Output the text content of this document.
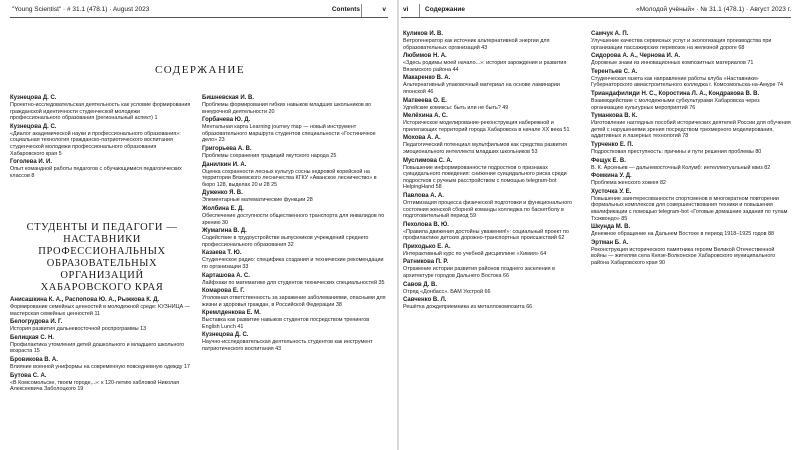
"Young Scientist" · # 31.1 (478.1) · August 2023	Contents	v
СОДЕРЖАНИЕ
Кузнецова Д. С.
Проектно-исследовательская деятельность как условие формирования гражданской идентичности студенческой молодежи профессионального образования (региональный аспект) 1
Кузнецова Д. С.
«Диалог академической науки и профессионального образования»: социальная технология гражданско-патриотического воспитания студенческой молодежи профессионального образования Хабаровского края 5
Гоголева И. И.
Опыт командной работы педагогов с обучающимися педагогических классов 8
СТУДЕНТЫ И ПЕДАГОГИ — НАСТАВНИКИ ПРОФЕССИОНАЛЬНЫХ ОБРАЗОВАТЕЛЬНЫХ ОРГАНИЗАЦИЙ ХАБАРОВСКОГО КРАЯ
Анисашкина К. А., Распопова Ю. А., Рыжкова К. Д.
Формирование семейных ценностей в молодежной среде: КУЗНИЦА — мастерская семейных ценностей 11
Белогрудова И. Г.
История развития дальневосточной роспрограммы 13
Белицкая С. Н.
Профилактика утомления детей дошкольного и младшего школьного возраста 15
Бровикова В. А.
Влияние военной униформы на современную повседневную одежду 17
Бутова С. А.
«В Комсомольске, твоем городе,..»: к 120-летию хабловой Николая Алексеевича Заболоцкого 19
Бишневская И. В.
Проблемы формирования гибких навыков младших школьников во внеурочной деятельности 20
Горбачева Ю. Д.
Ментальная карта Learning journey map — новый инструмент образовательного маршрута студентов специальности «Гостиничное дело» 23
Григорьева А. В.
Проблемы сохранения традиций якутского народа 25
Данилкин И. А.
Оценка сохранности лесных культур сосны кедровой корейской на территории Вяземского лесничества КГКУ «Аванское лесничество» в бюро 128, выделах 20 и 28 25
Дуженко Я. В.
Элементарные математические функции 28
Жолбина Е. Д.
Обеспечение доступности общественного транспорта для инвалидов по зрению 30
Жумагина В. Д.
Содействие в трудоустройстве выпускников учреждений среднего профессионального образования 32
Казаева Т. Ю.
Студенческое радио: специфика создания и технические рекомендации по организации 33
Карташова А. С.
Лайфхаки по математике для студентов технических специальностей 35
Комарова Е. Г.
Уголовная ответственность за заражение заболеваниями, опасными для жизни и здоровья граждан, в Российской Федерации 38
Кремлденкова Е. М.
Выставка как развитие навыков студентов посредством тренингов English Lunch 41
Кузнецова Д. С.
Научно-исследовательская деятельность студентов как инструмент патриотического воспитания 43
vi	Содержание	«Молодой учёный» · № 31.1 (478.1) · Август 2023 г.
Куликов И. В.
Ветрогенератор как источник альтернативной энергии для образовательных организаций 43
Любимов Н. А.
«Здесь родимы моей начало...»: история зарождения и развития Вяземского района 44
Макаренко В. А.
Альтернативный упаковочный материал на основе ламинарии японской 46
Матвеева О. Е.
Удгейские комиксы: быть или не быть? 49
Мелёхина А. С.
Историческое моделирование-реконструкция набережной и прилегающих территорий города Хабаровска в начале XX века 51
Мохова А. А.
Педагогический потенциал мультфильмов как средства развития эмоционального интеллекта младших школьников 53
Муслимова С. А.
Повышение информированности подростков о признаках суицидального поведения: снижение суицидального риска среди подростков с ручным расстройством с помощью telegram-bot HelpingHand 58
Павлова А. А.
Оптимизация процесса физической подготовки и функционального состояния женской сборной команды колледжа по баскетболу в подготовительный период 59
Пехоловa В. Ю.
«Правила движения достойны уважения!»: социальный проект по профилактике детских дорожно-транспортных происшествий 62
Приходько Е. А.
Интерактивный курс по учебной дисциплине «Химия» 64
Ратникова П. Р.
Отражение истории развития районов позднего заселения в архитектуре городов Дальнего Востока 66
Савов Д. В.
Отряд «Донбасс». БАМ Укстрой 66
Савченко В. Л.
Решётка дождеприемника из металлокомпозита 66
Самчук А. П.
Улучшение качества сервисных услуг и экологизация производства при организации пассажирских перевозок на железной дороге 68
Сидорова А. А., Чернова И. А.
Дорожные знаки из инновационных композитных материалов 71
Терентьев С. А.
Студенческая газета как направление работы клуба «Наставники» Губернаторского авиастроительного колледжа г. Комсомольска-на-Амуре 74
Триандафилиди Н. С., Коростина Л. А., Кондракова В. В.
Взаимодействие с молодежными субкультурами Хабаровска через организацию культурных мероприятий 76
Туманкова В. К.
Изготовление наглядных пособий исторических деятелей России для обучения детей с нарушениями зрения посредством трехмерного моделирования, аддитивных и лазерных технологий 78
Турченко Е. П.
Подростковая преступность: причины и пути решения проблемы 80
Фещук Е. В.
В. К. Арсеньев — дальневосточный Колумб: интеллектуальный квиз 82
Фомкина У. Д.
Проблема женского хоккея 82
Хусточка У. Е.
Повышение заинтересованности спортсменов в многократном повторении формальных комплексов для совершенствования техники и повышения квалификации с помощью telegram-bot «Готовые домашние задания по тулам Тхэквондо» 85
Шкунда М. В.
Денежное обращение на Дальнем Востоке в период 1918–1925 годов 88
Эртман Б. А.
Реконструкция исторического памятника героям Великой Отечественной войны — жителям села Князе-Волконское Хабаровского муниципального района Хабаровского края 90
